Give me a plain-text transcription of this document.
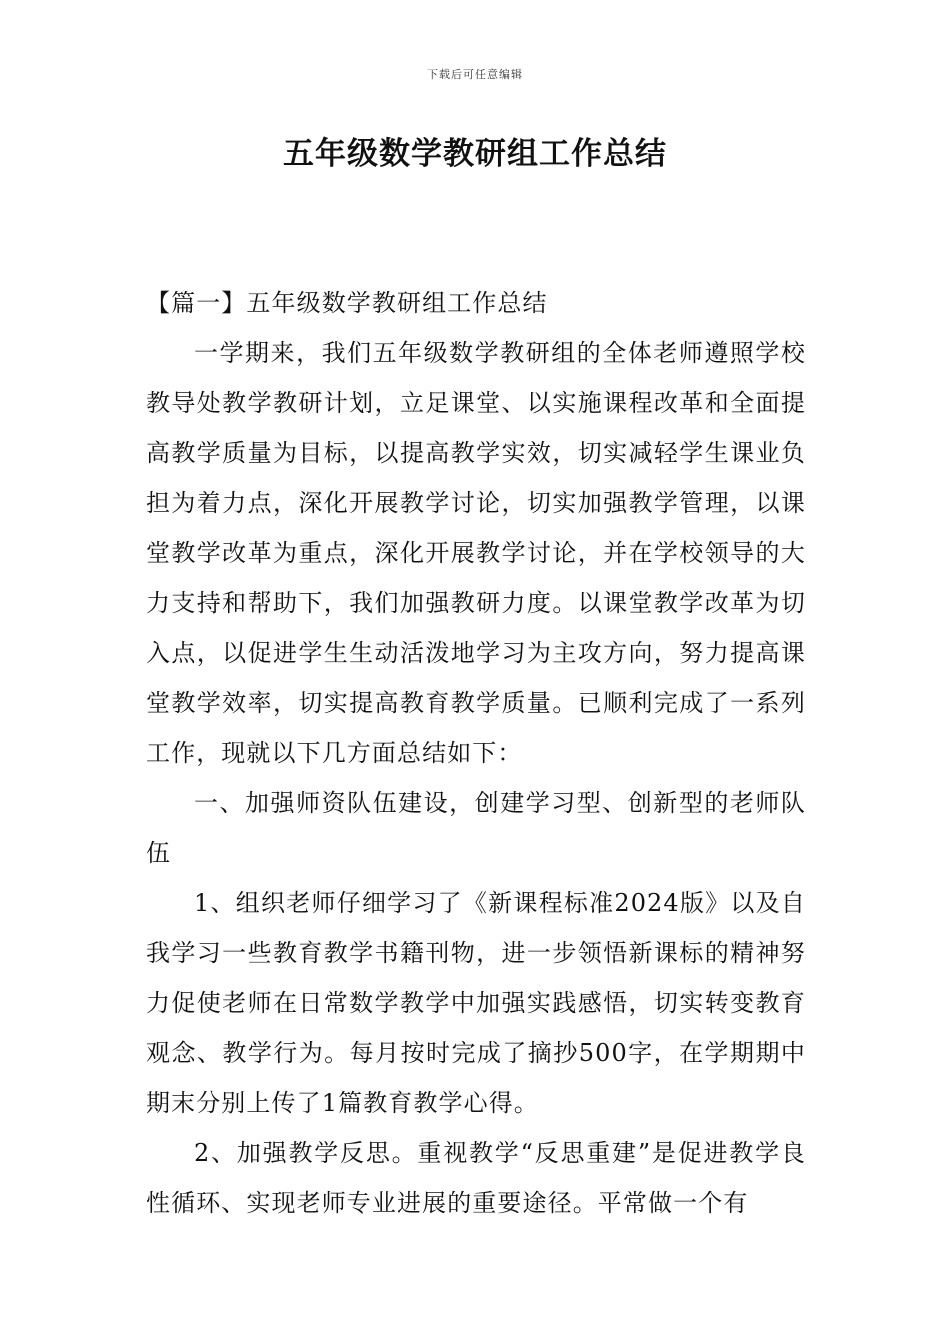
下载后可任意编辑
五年级数学教研组工作总结

【篇一】五年级数学教研组工作总结

一学期来，我们五年级数学教研组的全体老师遵照学校教导处教学教研计划，立足课堂、以实施课程改革和全面提高教学质量为目标，以提高教学实效，切实减轻学生课业负担为着力点，深化开展教学讨论，切实加强教学管理，以课堂教学改革为重点，深化开展教学讨论，并在学校领导的大力支持和帮助下，我们加强教研力度。以课堂教学改革为切入点，以促进学生生动活泼地学习为主攻方向，努力提高课堂教学效率，切实提高教育教学质量。已顺利完成了一系列工作，现就以下几方面总结如下：

一、加强师资队伍建设，创建学习型、创新型的老师队伍

1、组织老师仔细学习了《新课程标准2024版》以及自我学习一些教育教学书籍刊物，进一步领悟新课标的精神努力促使老师在日常数学教学中加强实践感悟，切实转变教育观念、教学行为。每月按时完成了摘抄500字，在学期期中期末分别上传了1篇教育教学心得。

2、加强教学反思。重视教学“反思重建”是促进教学良性循环、实现老师专业进展的重要途径。平常做一个有
